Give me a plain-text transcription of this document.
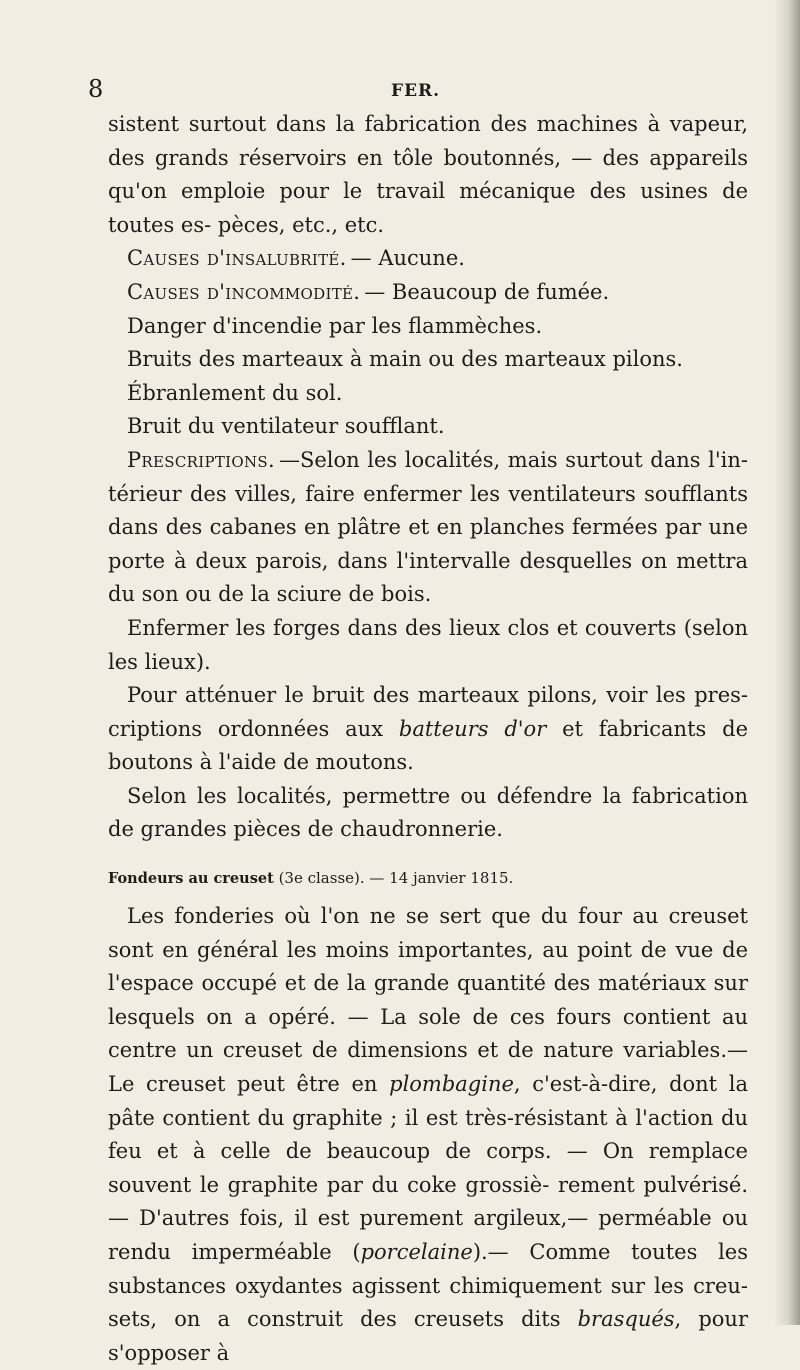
8	FER.

sistent surtout dans la fabrication des machines à vapeur, des grands réservoirs en tôle boutonnés, — des appareils qu'on emploie pour le travail mécanique des usines de toutes es- pèces, etc., etc.

Causes d'insalubrité. — Aucune.

Causes d'incommodité. — Beaucoup de fumée.

Danger d'incendie par les flammèches.

Bruits des marteaux à main ou des marteaux pilons.

Ébranlement du sol.

Bruit du ventilateur soufflant.

Prescriptions. —Selon les localités, mais surtout dans l'in- térieur des villes, faire enfermer les ventilateurs soufflants dans des cabanes en plâtre et en planches fermées par une porte à deux parois, dans l'intervalle desquelles on mettra du son ou de la sciure de bois.

Enfermer les forges dans des lieux clos et couverts (selon les lieux).

Pour atténuer le bruit des marteaux pilons, voir les pres- criptions ordonnées aux batteurs d'or et fabricants de boutons à l'aide de moutons.

Selon les localités, permettre ou défendre la fabrication de grandes pièces de chaudronnerie.

Fondeurs au creuset (3e classe). — 14 janvier 1815.

Les fonderies où l'on ne se sert que du four au creuset sont en général les moins importantes, au point de vue de l'espace occupé et de la grande quantité des matériaux sur lesquels on a opéré. — La sole de ces fours contient au centre un creuset de dimensions et de nature variables.—Le creuset peut être en plombagine, c'est-à-dire, dont la pâte contient du graphite ; il est très-résistant à l'action du feu et à celle de beaucoup de corps. — On remplace souvent le graphite par du coke grossiè- rement pulvérisé. — D'autres fois, il est purement argileux,— perméable ou rendu imperméable (porcelaine).— Comme toutes les substances oxydantes agissent chimiquement sur les creu- sets, on a construit des creusets dits brasqués, pour s'opposer à
